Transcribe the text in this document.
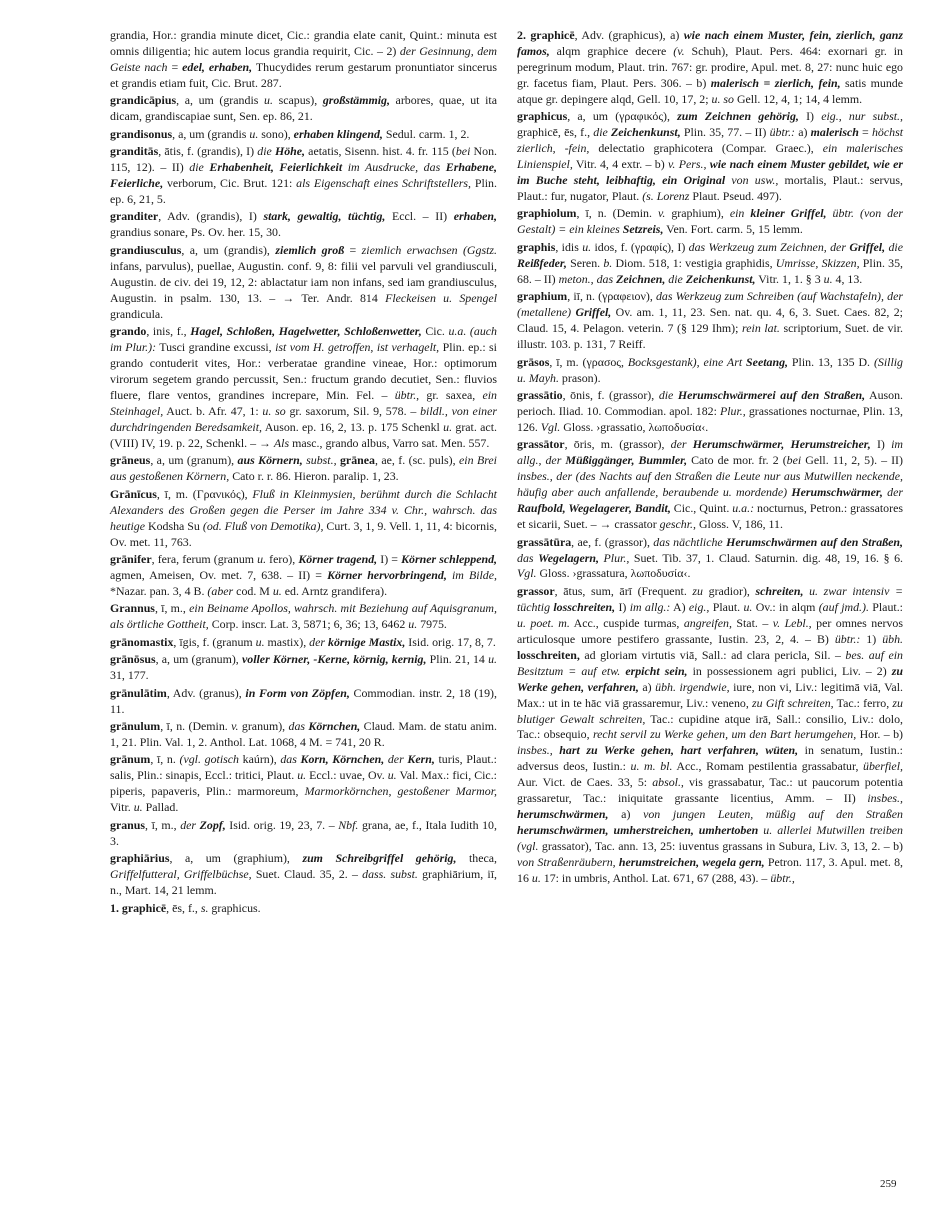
grandia, Hor.: grandia minute dicet, Cic.: grandia elate canit, Quint.: minuta est omnis diligentia; hic autem locus grandia requirit, Cic. – 2) der Gesinnung, dem Geiste nach = edel, erhaben, Thucydides rerum gestarum pronuntiator sincerus et grandis etiam fuit, Cic. Brut. 287.

grandicāpius, a, um (grandis u. scapus), großstämmig, arbores, quae, ut ita dicam, grandiscapiae sunt, Sen. ep. 86, 21.

grandisonus, a, um (grandis u. sono), erhaben klingend, Sedul. carm. 1, 2.

granditās, ātis, f. (grandis), I) die Höhe, aetatis, Sisenn. hist. 4. fr. 115 (bei Non. 115, 12). – II) die Erhabenheit, Feierlichkeit im Ausdrucke, das Erhabene, Feierliche, verborum, Cic. Brut. 121: als Eigenschaft eines Schriftstellers, Plin. ep. 6, 21, 5.

granditer, Adv. (grandis), I) stark, gewaltig, tüchtig, Eccl. – II) erhaben, grandius sonare, Ps. Ov. her. 15, 30.

grandiusculus, a, um (grandis), ziemlich groß = ziemlich erwachsen (Ggstz. infans, parvulus), puellae, Augustin. conf. 9, 8: filii vel parvuli vel grandiusculi, Augustin. de civ. dei 19, 12, 2: ablactatur iam non infans, sed iam grandiusculus, Augustin. in psalm. 130, 13. – → Ter. Andr. 814 Fleckeisen u. Spengel grandicula.

grando, inis, f., Hagel, Schloßen, Hagelwetter, Schloßenwetter, Cic. u.a. (auch im Plur.): Tusci grandine excussi, ist vom H. getroffen, ist verhagelt, Plin. ep.: si grando contuderit vites, Hor.: verberatae grandine vineae, Hor.: optimorum virorum segetem grando percussit, Sen.: fructum grando decutiet, Sen.: fluvios fluere, flare ventos, grandines increpare, Min. Fel. – übtr., gr. saxea, ein Steinhagel, Auct. b. Afr. 47, 1: u. so gr. saxorum, Sil. 9, 578. – bildl., von einer durchdringenden Beredsamkeit, Auson. ep. 16, 2, 13. p. 175 Schenkl u. grat. act. (VIII) IV, 19. p. 22, Schenkl. – → Als masc., grando albus, Varro sat. Men. 557.

grāneus, a, um (granum), aus Körnern, subst., grānea, ae, f. (sc. puls), ein Brei aus gestoßenen Körnern, Cato r. r. 86. Hieron. paralip. 1, 23.

Grānīcus, ī, m. (Γρανικός), Fluß in Kleinmysien, berühmt durch die Schlacht Alexanders des Großen gegen die Perser im Jahre 334 v. Chr., wahrsch. das heutige Kodsha Su (od. Fluß von Demotika), Curt. 3, 1, 9. Vell. 1, 11, 4: bicornis, Ov. met. 11, 763.

grānifer, fera, ferum (granum u. fero), Körner tragend, I) = Körner schleppend, agmen, Ameisen, Ov. met. 7, 638. – II) = Körner hervorbringend, im Bilde, *Nazar. pan. 3, 4 B. (aber cod. M u. ed. Arntz grandifera).

Grannus, ī, m., ein Beiname Apollos, wahrsch. mit Beziehung auf Aquisgranum, als örtliche Gottheit, Corp. inscr. Lat. 3, 5871; 6, 36; 13, 6462 u. 7975.

grānomastix, īgis, f. (granum u. mastix), der körnige Mastix, Isid. orig. 17, 8, 7.

grānōsus, a, um (granum), voller Körner, -Kerne, körnig, kernig, Plin. 21, 14 u. 31, 177.

grānulātim, Adv. (granus), in Form von Zöpfen, Commodian. instr. 2, 18 (19), 11.

grānulum, ī, n. (Demin. v. granum), das Körnchen, Claud. Mam. de statu anim. 1, 21. Plin. Val. 1, 2. Anthol. Lat. 1068, 4 M. = 741, 20 R.

grānum, ī, n. (vgl. gotisch kaúrn), das Korn, Körnchen, der Kern, turis, Plaut.: salis, Plin.: sinapis, Eccl.: tritici, Plaut. u. Eccl.: uvae, Ov. u. Val. Max.: fici, Cic.: piperis, papaveris, Plin.: marmoreum, Marmorkörnchen, gestoßener Marmor, Vitr. u. Pallad.

granus, ī, m., der Zopf, Isid. orig. 19, 23, 7. – Nbf. grana, ae, f., Itala Iudith 10, 3.

graphiārius, a, um (graphium), zum Schreibgriffel gehörig, theca, Griffelfutteral, Griffelbüchse, Suet. Claud. 35, 2. – dass. subst. graphiārium, iī, n., Mart. 14, 21 lemm.

1. graphicē, ēs, f., s. graphicus.

2. graphicē, Adv. (graphicus), a) wie nach einem Muster, fein, zierlich, ganz famos, alqm graphice decere (v. Schuh), Plaut. Pers. 464: exornari gr. in peregrinum modum, Plaut. trin. 767: gr. prodire, Apul. met. 8, 27: nunc huic ego gr. facetus fiam, Plaut. Pers. 306. – b) malerisch = zierlich, fein, satis munde atque gr. depingere alqd, Gell. 10, 17, 2; u. so Gell. 12, 4, 1; 14, 4 lemm.

graphicus, a, um (γραφικός), zum Zeichnen gehörig, I) eig., nur subst., graphicē, ēs, f., die Zeichenkunst, Plin. 35, 77. – II) übtr.: a) malerisch = höchst zierlich, -fein, delectatio graphicotera (Compar. Graec.), ein malerisches Linienspiel, Vitr. 4, 4 extr. – b) v. Pers., wie nach einem Muster gebildet, wie er im Buche steht, leibhaftig, ein Original von usw., mortalis, Plaut.: servus, Plaut.: fur, nugator, Plaut. (s. Lorenz Plaut. Pseud. 497).

graphiolum, ī, n. (Demin. v. graphium), ein kleiner Griffel, übtr. (von der Gestalt) = ein kleines Setzreis, Ven. Fort. carm. 5, 15 lemm.

graphis, idis u. idos, f. (γραφίς), I) das Werkzeug zum Zeichnen, der Griffel, die Reißfeder, Seren. b. Diom. 518, 1: vestigia graphidis, Umrisse, Skizzen, Plin. 35, 68. – II) meton., das Zeichnen, die Zeichenkunst, Vitr. 1, 1. § 3 u. 4, 13.

graphium, iī, n. (γραφειον), das Werkzeug zum Schreiben (auf Wachstafeln), der (metallene) Griffel, Ov. am. 1, 11, 23. Sen. nat. qu. 4, 6, 3. Suet. Caes. 82, 2; Claud. 15, 4. Pelagon. veterin. 7 (§ 129 Ihm); rein lat. scriptorium, Suet. de vir. illustr. 103. p. 131, 7 Reiff.

grāsos, ī, m. (γρασος, Bocksgestank), eine Art Seetang, Plin. 13, 135 D. (Sillig u. Mayh. prason).

grassātio, ōnis, f. (grassor), die Herumschwärmerei auf den Straßen, Auson. perioch. Iliad. 10. Commodian. apol. 182: Plur., grassationes nocturnae, Plin. 13, 126. Vgl. Gloss. ›grassatio, λωποδυσία‹.

grassātor, ōris, m. (grassor), der Herumschwärmer, Herumstreicher, I) im allg., der Müßiggänger, Bummler, Cato de mor. fr. 2 (bei Gell. 11, 2, 5). – II) insbes., der (des Nachts auf den Straßen die Leute nur aus Mutwillen neckende, häufig aber auch anfallende, beraubende u. mordende) Herumschwärmer, der Raufbold, Wegelagerer, Bandit, Cic., Quint. u.a.: nocturnus, Petron.: grassatores et sicarii, Suet. – → crassator geschr., Gloss. V, 186, 11.

grassātūra, ae, f. (grassor), das nächtliche Herumschwärmen auf den Straßen, das Wegelagern, Plur., Suet. Tib. 37, 1. Claud. Saturnin. dig. 48, 19, 16. § 6. Vgl. Gloss. ›grassatura, λωποδυσία‹.

grassor, ātus, sum, ārī (Frequent. zu gradior), schreiten, u. zwar intensiv = tüchtig losschreiten, I) im allg.: A) eig., Plaut. u. Ov.: in alqm (auf jmd.). Plaut.: u. poet. m. Acc., cuspide turmas, angreifen, Stat. – v. Lebl., per omnes nervos articulosque umore pestifero grassante, Iustin. 23, 2, 4. – B) übtr.: 1) übh. losschreiten, ad gloriam virtutis viā, Sall.: ad clara pericla, Sil. – bes. auf ein Besitztum = auf etw. erpicht sein, in possessionem agri publici, Liv. – 2) zu Werke gehen, verfahren, a) übh. irgendwie, iure, non vi, Liv.: legitimā viā, Val. Max.: ut in te hāc viā grassaremur, Liv.: veneno, zu Gift schreiten, Tac.: ferro, zu blutiger Gewalt schreiten, Tac.: cupidine atque irā, Sall.: consilio, Liv.: dolo, Tac.: obsequio, recht servil zu Werke gehen, um den Bart herumgehen, Hor. – b) insbes., hart zu Werke gehen, hart verfahren, wüten, in senatum, Iustin.: adversus deos, Iustin.: u. m. bl. Acc., Romam pestilentia grassabatur, überfiel, Aur. Vict. de Caes. 33, 5: absol., vis grassabatur, Tac.: ut paucorum potentia grassaretur, Tac.: iniquitate grassante licentius, Amm. – II) insbes., herumschwärmen, a) von jungen Leuten, müßig auf den Straßen herumschwärmen, umherstreichen, umhertoben u. allerlei Mutwillen treiben (vgl. grassator), Tac. ann. 13, 25: iuventus grassans in Subura, Liv. 3, 13, 2. – b) von Straßenräubern, herumstreichen, wegela gern, Petron. 117, 3. Apul. met. 8, 16 u. 17: in umbris, Anthol. Lat. 671, 67 (288, 43). – übtr.,

259
